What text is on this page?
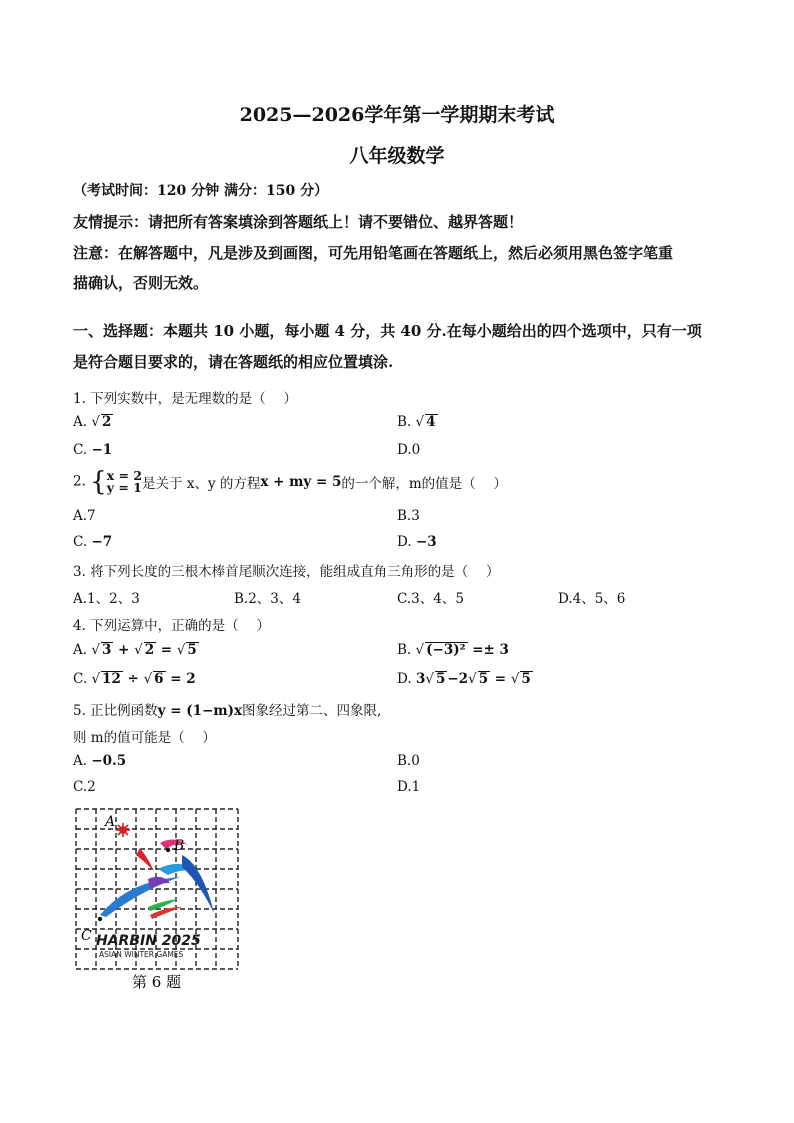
2025—2026学年第一学期期末考试
八年级数学
（考试时间：120 分钟 满分：150 分）
友情提示：请把所有答案填涂到答题纸上！请不要错位、越界答题！
注意：在解答题中，凡是涉及到画图，可先用铅笔画在答题纸上，然后必须用黑色签字笔重
描确认，否则无效。
一、选择题：本题共 10 小题，每小题 4 分，共 40 分.在每小题给出的四个选项中，只有一项
是符合题目要求的，请在答题纸的相应位置填涂.
1. 下列实数中，是无理数的是（　 ）
A. √ 2	B. √ 4
C. −1	D.0
2. {x = 2
y = 1是关于 x、y 的方程x + my = 5的一个解，m的值是（　 ）
A.7	B.3
C. −7	D. −3
3. 将下列长度的三根木棒首尾顺次连接，能组成直角三角形的是（　 ）
A.1、2、3	B.2、3、4	C.3、4、5	D.4、5、6
4. 下列运算中，正确的是（　 ）
A. √ 3 + √ 2 = √ 5	B. √ (−3)² =± 3
C. √ 12 ÷ √ 6 = 2	D. 3√ 5 −2√ 5 = √ 5
5. 正比例函数y = (1−m)x图象经过第二、四象限,
则 m的值可能是（　 ）
A. −0.5	B.0
C.2	D.1
A
B
C HARBIN 2025
ASIAN WINTER GAMES
第 6 题
